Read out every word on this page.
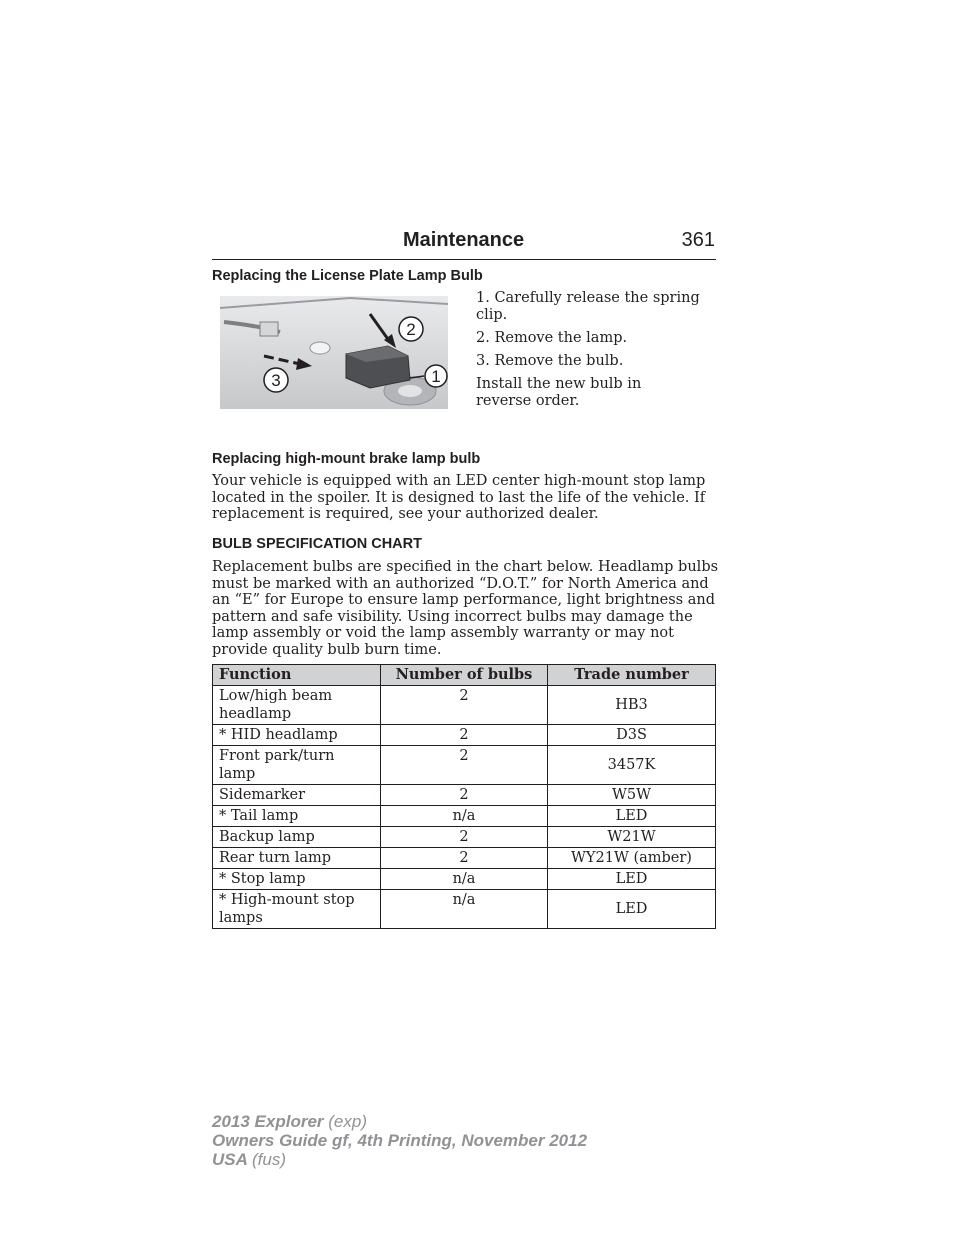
Maintenance	361
Replacing the License Plate Lamp Bulb
2
1
3

1. Carefully release the spring clip.

2. Remove the lamp.

3. Remove the bulb.

Install the new bulb in reverse order.

Replacing high-mount brake lamp bulb

Your vehicle is equipped with an LED center high-mount stop lamp located in the spoiler. It is designed to last the life of the vehicle. If replacement is required, see your authorized dealer.

BULB SPECIFICATION CHART

Replacement bulbs are specified in the chart below. Headlamp bulbs must be marked with an authorized “D.O.T.” for North America and an “E” for Europe to ensure lamp performance, light brightness and pattern and safe visibility. Using incorrect bulbs may damage the lamp assembly or void the lamp assembly warranty or may not provide quality bulb burn time.

Function	Number of bulbs	Trade number
Low/high beam headlamp	2	HB3
* HID headlamp	2	D3S
Front park/turn lamp	2	3457K
Sidemarker	2	W5W
* Tail lamp	n/a	LED
Backup lamp	2	W21W
Rear turn lamp	2	WY21W (amber)
* Stop lamp	n/a	LED
* High-mount stop lamps	n/a	LED
2013 Explorer (exp)
Owners Guide gf, 4th Printing, November 2012
USA (fus)
